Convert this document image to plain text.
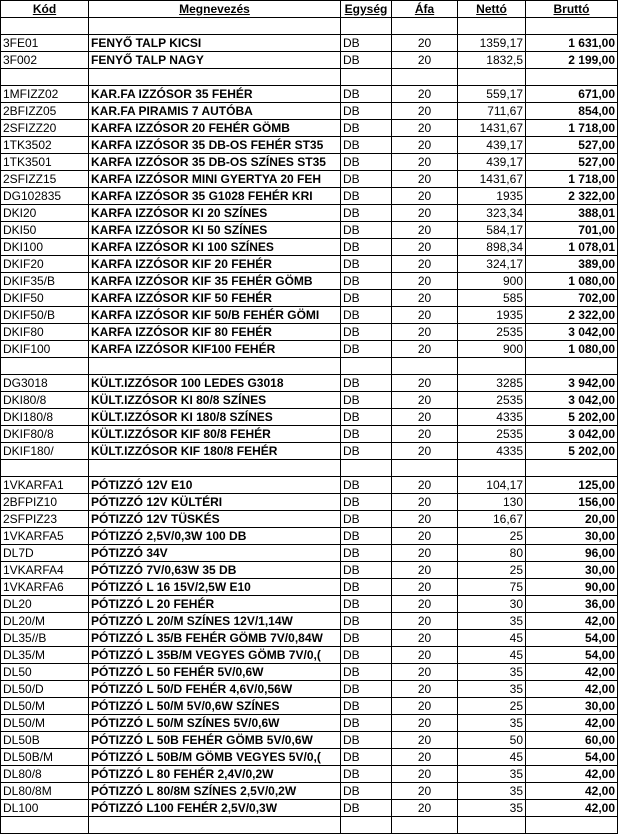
Kód	Megnevezés	Egység	Áfa	Nettó	Bruttó

3FE01	FENYŐ TALP KICSI	DB	20	1359,17	1 631,00
3F002	FENYŐ TALP NAGY	DB	20	1832,5	2 199,00

1MFIZZ02	KAR.FA IZZÓSOR 35 FEHÉR	DB	20	559,17	671,00
2BFIZZ05	KAR.FA PIRAMIS 7 AUTÓBA	DB	20	711,67	854,00
2SFIZZ20	KARFA IZZÓSOR 20 FEHÉR GÖMB	DB	20	1431,67	1 718,00
1TK3502	KARFA IZZÓSOR 35 DB-OS FEHÉR ST35	DB	20	439,17	527,00
1TK3501	KARFA IZZÓSOR 35 DB-OS SZÍNES ST35	DB	20	439,17	527,00
2SFIZZ15	KARFA IZZÓSOR MINI GYERTYA 20 FEH	DB	20	1431,67	1 718,00
DG102835	KARFA IZZÓSOR 35 G1028 FEHÉR KRI	DB	20	1935	2 322,00
DKI20	KARFA IZZÓSOR KI 20 SZÍNES	DB	20	323,34	388,01
DKI50	KARFA IZZÓSOR KI 50 SZÍNES	DB	20	584,17	701,00
DKI100	KARFA IZZÓSOR KI 100 SZÍNES	DB	20	898,34	1 078,01
DKIF20	KARFA IZZÓSOR KIF 20 FEHÉR	DB	20	324,17	389,00
DKIF35/B	KARFA IZZÓSOR KIF 35 FEHÉR GÖMB	DB	20	900	1 080,00
DKIF50	KARFA IZZÓSOR KIF 50 FEHÉR	DB	20	585	702,00
DKIF50/B	KARFA IZZÓSOR KIF 50/B FEHÉR GÖMI	DB	20	1935	2 322,00
DKIF80	KARFA IZZÓSOR KIF 80 FEHÉR	DB	20	2535	3 042,00
DKIF100	KARFA IZZÓSOR KIF100 FEHÉR	DB	20	900	1 080,00

DG3018	KÜLT.IZZÓSOR 100 LEDES G3018	DB	20	3285	3 942,00
DKI80/8	KÜLT.IZZÓSOR KI 80/8 SZÍNES	DB	20	2535	3 042,00
DKI180/8	KÜLT.IZZÓSOR KI 180/8 SZÍNES	DB	20	4335	5 202,00
DKIF80/8	KÜLT.IZZÓSOR KIF 80/8 FEHÉR	DB	20	2535	3 042,00
DKIF180/	KÜLT.IZZÓSOR KIF 180/8 FEHÉR	DB	20	4335	5 202,00

1VKARFA1	PÓTIZZÓ 12V E10	DB	20	104,17	125,00
2BFPIZ10	PÓTIZZÓ 12V KÜLTÉRI	DB	20	130	156,00
2SFPIZ23	PÓTIZZÓ 12V TÜSKÉS	DB	20	16,67	20,00
1VKARFA5	PÓTIZZÓ 2,5V/0,3W 100 DB	DB	20	25	30,00
DL7D	PÓTIZZÓ 34V	DB	20	80	96,00
1VKARFA4	PÓTIZZÓ 7V/0,63W 35 DB	DB	20	25	30,00
1VKARFA6	PÓTIZZÓ L 16 15V/2,5W E10	DB	20	75	90,00
DL20	PÓTIZZÓ L 20 FEHÉR	DB	20	30	36,00
DL20/M	PÓTIZZÓ L 20/M SZÍNES 12V/1,14W	DB	20	35	42,00
DL35//B	PÓTIZZÓ L 35/B FEHÉR GÖMB 7V/0,84W	DB	20	45	54,00
DL35/M	PÓTIZZÓ L 35B/M VEGYES GÖMB 7V/0,(	DB	20	45	54,00
DL50	PÓTIZZÓ L 50 FEHÉR 5V/0,6W	DB	20	35	42,00
DL50/D	PÓTIZZÓ L 50/D FEHÉR 4,6V/0,56W	DB	20	35	42,00
DL50/M	PÓTIZZÓ L 50/M 5V/0,6W SZÍNES	DB	20	25	30,00
DL50/M	PÓTIZZÓ L 50/M SZÍNES 5V/0,6W	DB	20	35	42,00
DL50B	PÓTIZZÓ L 50B FEHÉR GÖMB 5V/0,6W	DB	20	50	60,00
DL50B/M	PÓTIZZÓ L 50B/M GÖMB VEGYES 5V/0,(	DB	20	45	54,00
DL80/8	PÓTIZZÓ L 80 FEHÉR 2,4V/0,2W	DB	20	35	42,00
DL80/8M	PÓTIZZÓ L 80/8M SZÍNES 2,5V/0,2W	DB	20	35	42,00
DL100	PÓTIZZÓ L100 FEHÉR 2,5V/0,3W	DB	20	35	42,00
